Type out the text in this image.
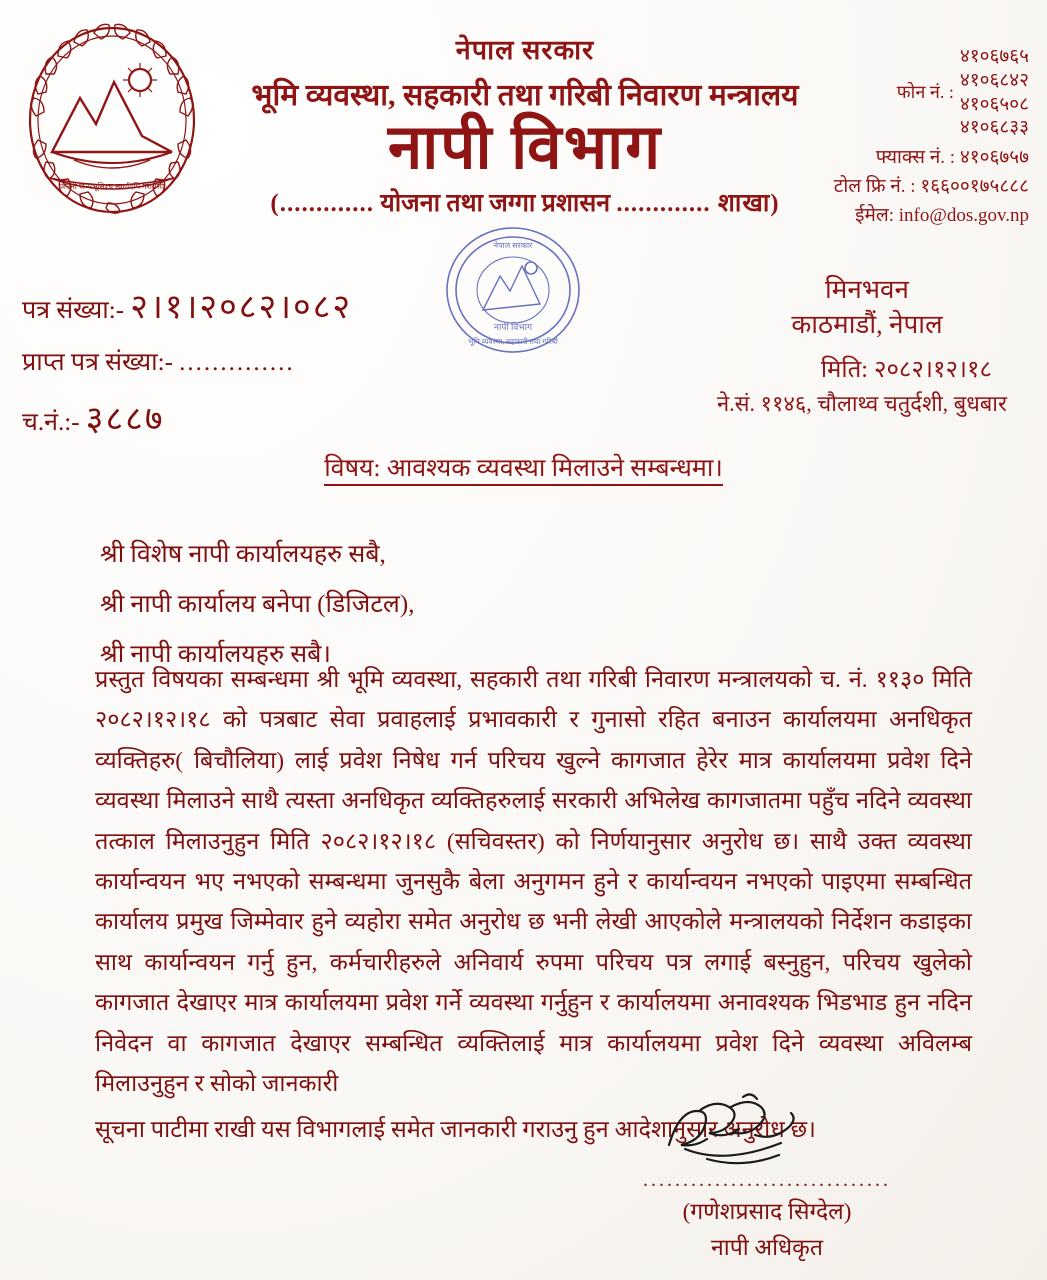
जननी जन्मभूमिश्च स्वर्गादपि गरीयसी
नेपाल सरकार
भूमि व्यवस्था, सहकारी तथा गरिबी निवारण मन्त्रालय
नापी विभाग
(............. योजना तथा जग्गा प्रशासन ............. शाखा)
फोन नं. :
४१०६७६५
४१०६८४२
४१०६५०८
४१०६८३३
फ्याक्स नं. : ४१०६७५७
टोल फ्रि नं. : १६६००१७५८८८
ईमेल: info@dos.gov.np
नापी विभाग
नेपाल सरकार
भूमि व्यवस्था, सहकारी तथा गरिबी
पत्र संख्या:- २।१।२०८२।०८२
प्राप्त पत्र संख्या:- ..............
च.नं.:- ३८८७
मिनभवन
काठमाडौं, नेपाल
मिति: २०८२।१२।१८
ने.सं. ११४६, चौलाथ्व चतुर्दशी, बुधबार
विषय: आवश्यक व्यवस्था मिलाउने सम्बन्धमा।
श्री विशेष नापी कार्यालयहरु सबै,
श्री नापी कार्यालय बनेपा (डिजिटल),
श्री नापी कार्यालयहरु सबै।

प्रस्तुत विषयका सम्बन्धमा श्री भूमि व्यवस्था, सहकारी तथा गरिबी निवारण मन्त्रालयको च. नं. ११३० मिति २०८२।१२।१८ को पत्रबाट सेवा प्रवाहलाई प्रभावकारी र गुनासो रहित बनाउन कार्यालयमा अनधिकृत व्यक्तिहरु( बिचौलिया) लाई प्रवेश निषेध गर्न परिचय खुल्ने कागजात हेरेर मात्र कार्यालयमा प्रवेश दिने व्यवस्था मिलाउने साथै त्यस्ता अनधिकृत व्यक्तिहरुलाई सरकारी अभिलेख कागजातमा पहुँच नदिने व्यवस्था तत्काल मिलाउनुहुन मिति २०८२।१२।१८ (सचिवस्तर) को निर्णयानुसार अनुरोध छ। साथै उक्त व्यवस्था कार्यान्वयन भए नभएको सम्बन्धमा जुनसुकै बेला अनुगमन हुने र कार्यान्वयन नभएको पाइएमा सम्बन्धित कार्यालय प्रमुख जिम्मेवार हुने व्यहोरा समेत अनुरोध छ भनी लेखी आएकोले मन्त्रालयको निर्देशन कडाइका साथ कार्यान्वयन गर्नु हुन, कर्मचारीहरुले अनिवार्य रुपमा परिचय पत्र लगाई बस्नुहुन, परिचय खुलेको कागजात देखाएर मात्र कार्यालयमा प्रवेश गर्ने व्यवस्था गर्नुहुन र कार्यालयमा अनावश्यक भिडभाड हुन नदिन निवेदन वा कागजात देखाएर सम्बन्धित व्यक्तिलाई मात्र कार्यालयमा प्रवेश दिने व्यवस्था अविलम्ब मिलाउनुहुन र सोको जानकारी

सूचना पाटीमा राखी यस विभागलाई समेत जानकारी गराउनु हुन आदेशानुसार अनुरोध छ।

...............................
(गणेशप्रसाद सिग्देल)
नापी अधिकृत
